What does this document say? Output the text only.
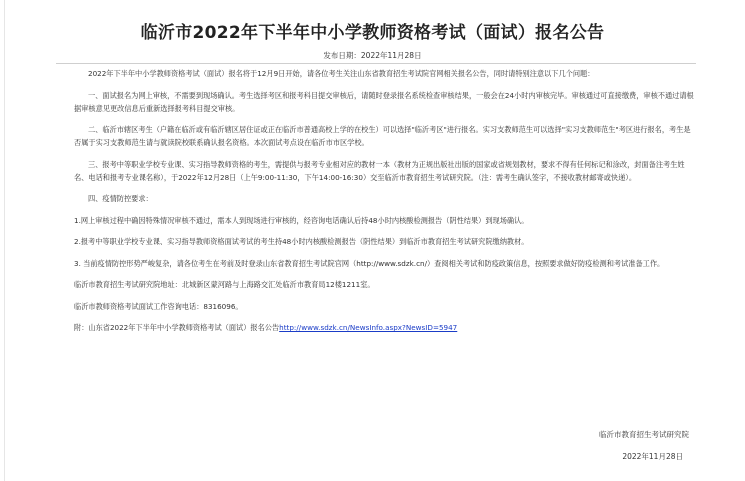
临沂市2022年下半年中小学教师资格考试（面试）报名公告
发布日期：2022年11月28日

2022年下半年中小学教师资格考试（面试）报名将于12月9日开始，请各位考生关注山东省教育招生考试院官网相关报名公告，同时请特别注意以下几个问题：

一、面试报名为网上审核，不需要到现场确认。考生选择考区和报考科目提交审核后，请随时登录报名系统检查审核结果，一般会在24小时内审核完毕。审核通过可直接缴费，审核不通过请根据审核意见更改信息后重新选择报考科目提交审核。

二、临沂市辖区考生（户籍在临沂或有临沂辖区居住证或正在临沂市普通高校上学的在校生）可以选择"临沂考区"进行报名。实习支教师范生可以选择"实习支教师范生"考区进行报名，考生是否属于实习支教师范生请与就读院校联系确认报名资格。本次面试考点设在临沂市市区学校。

三、报考中等职业学校专业课、实习指导教师资格的考生，需提供与报考专业相对应的教材一本（教材为正规出版社出版的国家或省规划教材，要求不得有任何标记和涂改，封面备注考生姓名、电话和报考专业课名称），于2022年12月28日（上午9:00-11:30，下午14:00-16:30）交至临沂市教育招生考试研究院。（注：需考生确认签字，不接收教材邮寄或快递）。

四、疫情防控要求：

1.网上审核过程中确因特殊情况审核不通过，需本人到现场进行审核的，经咨询电话确认后持48小时内核酸检测报告（阴性结果）到现场确认。

2.报考中等职业学校专业课、实习指导教师资格面试考试的考生持48小时内核酸检测报告（阴性结果）到临沂市教育招生考试研究院缴纳教材。

3. 当前疫情防控形势严峻复杂，请各位考生在考前及时登录山东省教育招生考试院官网（http://www.sdzk.cn/）查阅相关考试和防疫政策信息，按照要求做好防疫检测和考试准备工作。

临沂市教育招生考试研究院地址：北城新区蒙河路与上海路交汇处临沂市教育局12楼1211室。

临沂市教师资格考试面试工作咨询电话：8316096。

附：山东省2022年下半年中小学教师资格考试（面试）报名公告http://www.sdzk.cn/NewsInfo.aspx?NewsID=5947

临沂市教育招生考试研究院
2022年11月28日
